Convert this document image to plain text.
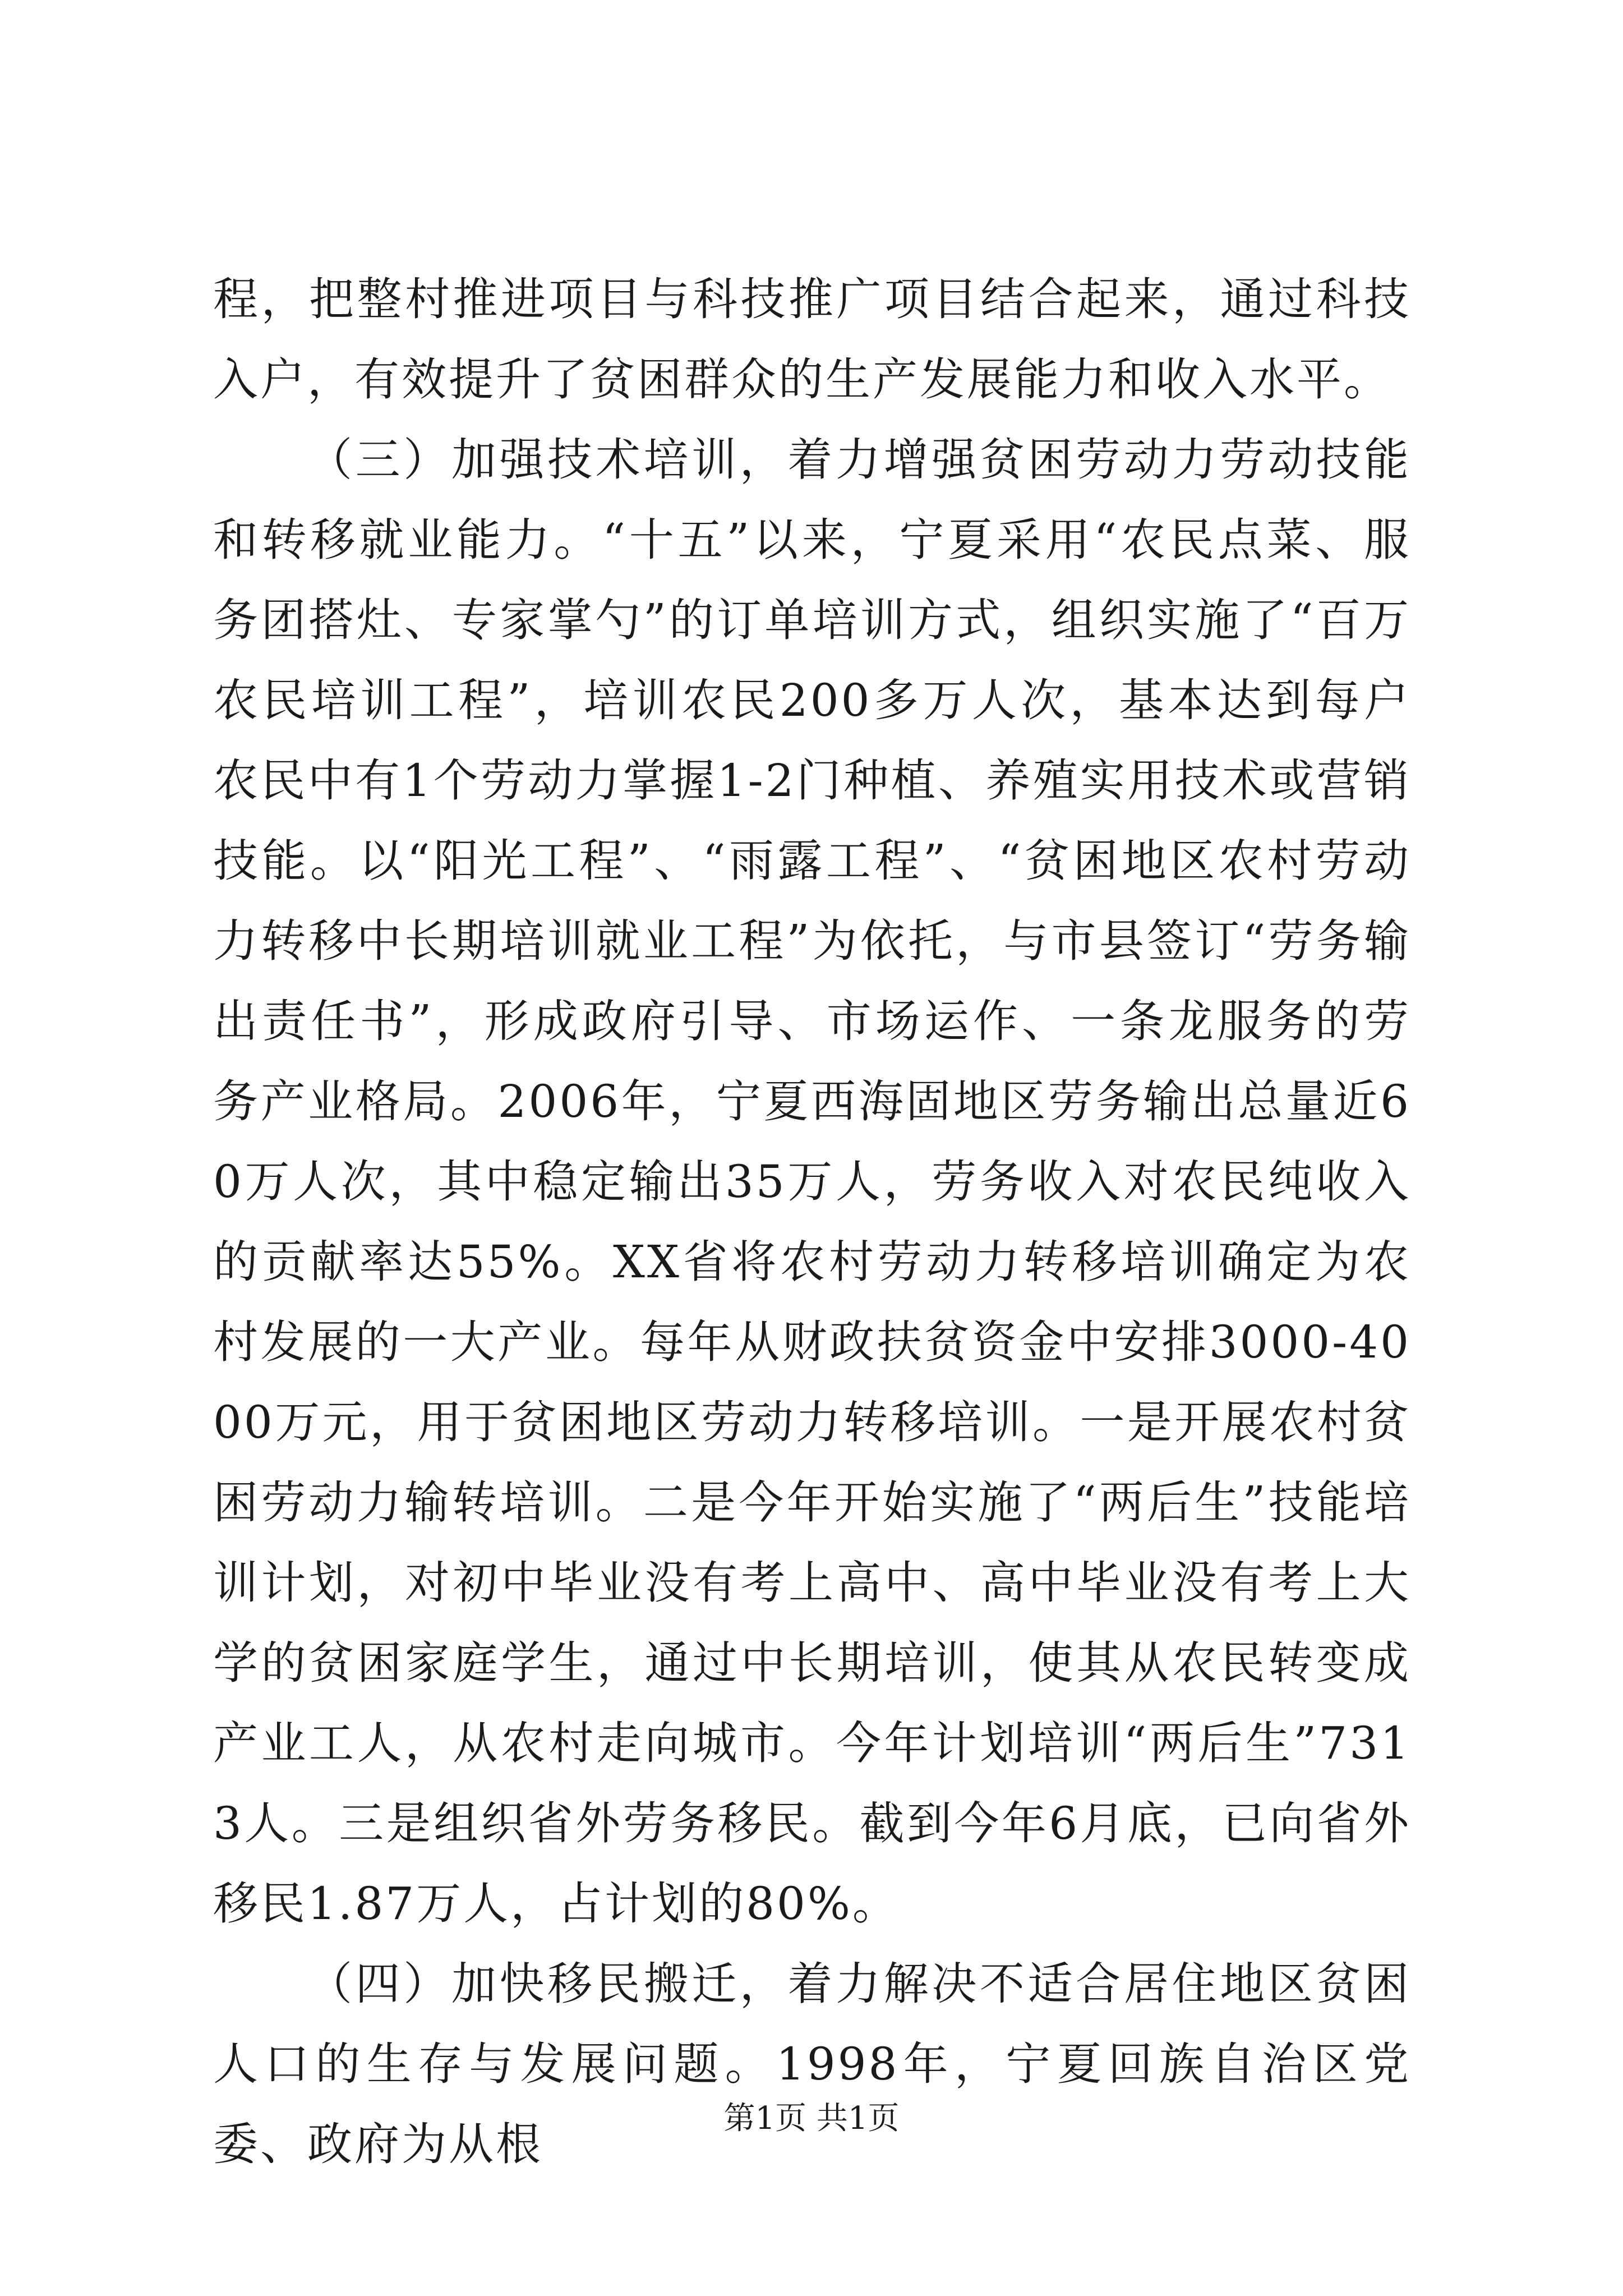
程，把整村推进项目与科技推广项目结合起来，通过科技入户，有效提升了贫困群众的生产发展能力和收入水平。

（三）加强技术培训，着力增强贫困劳动力劳动技能和转移就业能力。“十五”以来，宁夏采用“农民点菜、服务团搭灶、专家掌勺”的订单培训方式，组织实施了“百万农民培训工程”，培训农民200多万人次，基本达到每户农民中有1个劳动力掌握1-2门种植、养殖实用技术或营销技能。以“阳光工程”、“雨露工程”、“贫困地区农村劳动力转移中长期培训就业工程”为依托，与市县签订“劳务输出责任书”，形成政府引导、市场运作、一条龙服务的劳务产业格局。2006年，宁夏西海固地区劳务输出总量近60万人次，其中稳定输出35万人，劳务收入对农民纯收入的贡献率达55%。XX省将农村劳动力转移培训确定为农村发展的一大产业。每年从财政扶贫资金中安排3000-4000万元，用于贫困地区劳动力转移培训。一是开展农村贫困劳动力输转培训。二是今年开始实施了“两后生”技能培训计划，对初中毕业没有考上高中、高中毕业没有考上大学的贫困家庭学生，通过中长期培训，使其从农民转变成产业工人，从农村走向城市。今年计划培训“两后生”7313人。三是组织省外劳务移民。截到今年6月底，已向省外移民1.87万人，占计划的80%。

（四）加快移民搬迁，着力解决不适合居住地区贫困人口的生存与发展问题。1998年，宁夏回族自治区党委、政府为从根	第1页 共1页
